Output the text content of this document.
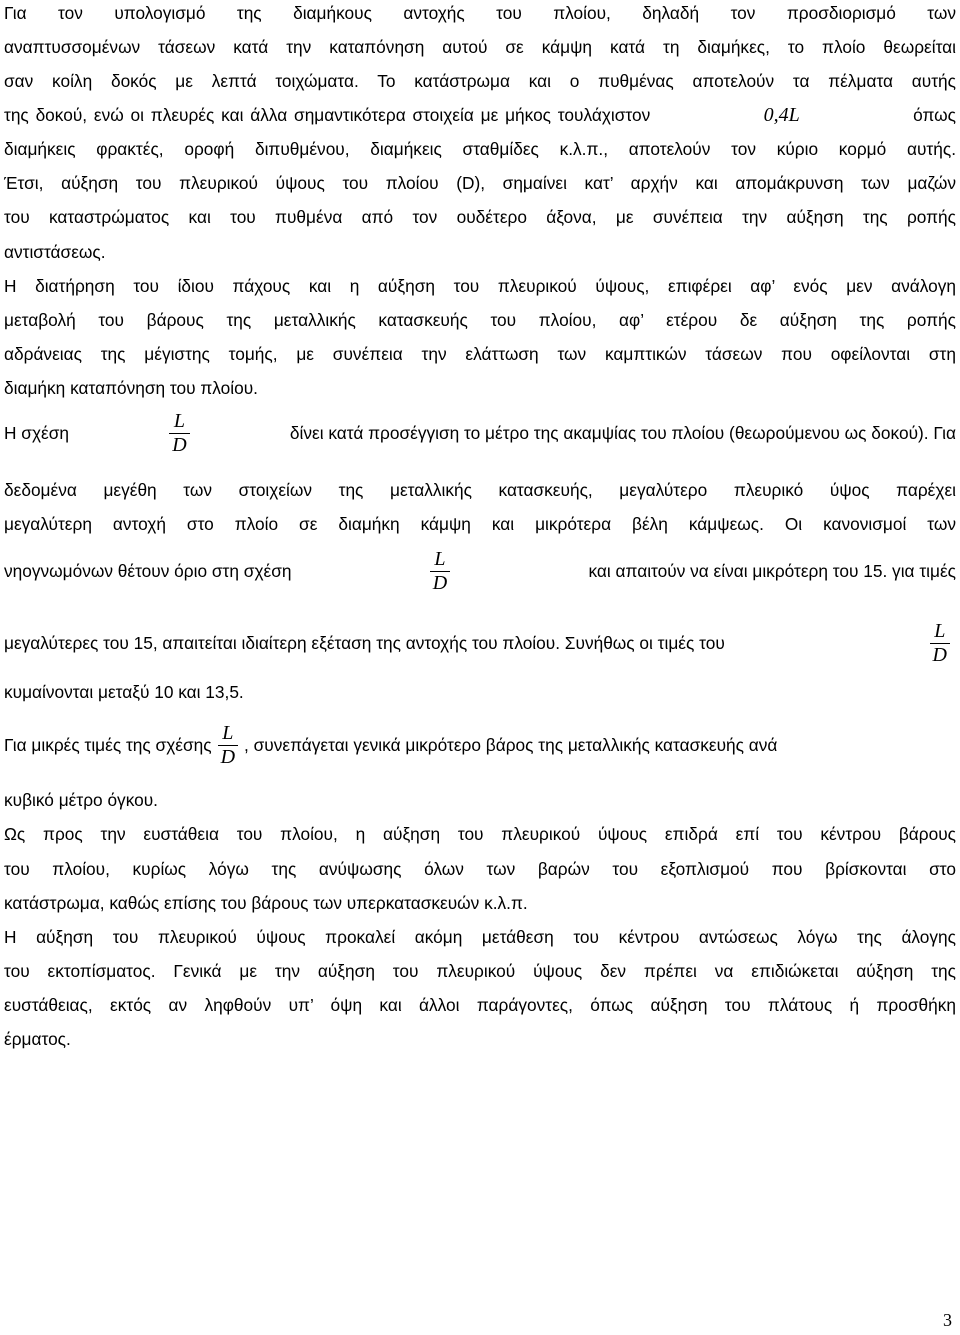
Για τον υπολογισμό της διαμήκους αντοχής του πλοίου, δηλαδή τον προσδιορισμό των
αναπτυσσομένων τάσεων κατά την καταπόνηση αυτού σε κάμψη κατά τη διαμήκες, το πλοίο θεωρείται
σαν κοίλη δοκός με λεπτά τοιχώματα. Το κατάστρωμα και ο πυθμένας αποτελούν τα πέλματα αυτής
της δοκού, ενώ οι πλευρές και άλλα σημαντικότερα στοιχεία με μήκος τουλάχιστον	0,4L	όπως
διαμήκεις φρακτές, οροφή διπυθμένου, διαμήκεις σταθμίδες κ.λ.π., αποτελούν τον κύριο κορμό αυτής.
Έτσι, αύξηση του πλευρικού ύψους του πλοίου (D), σημαίνει κατ’ αρχήν και απομάκρυνση των μαζών
του καταστρώματος και του πυθμένα από τον ουδέτερο άξονα, με συνέπεια την αύξηση της ροπής
αντιστάσεως.
Η διατήρηση του ίδιου πάχους και η αύξηση του πλευρικού ύψους, επιφέρει αφ’ ενός μεν ανάλογη
μεταβολή του βάρους της μεταλλικής κατασκευής του πλοίου, αφ’ ετέρου δε αύξηση της ροπής
αδράνειας της μέγιστης τομής, με συνέπεια την ελάττωση των καμπτικών τάσεων που οφείλονται στη
διαμήκη καταπόνηση του πλοίου.
Η σχέση	$\frac{L}{D}$	δίνει κατά προσέγγιση το μέτρο της ακαμψίας του πλοίου (θεωρούμενου ως δοκού). Για
δεδομένα μεγέθη των στοιχείων της μεταλλικής κατασκευής, μεγαλύτερο πλευρικό ύψος παρέχει
μεγαλύτερη αντοχή στο πλοίο σε διαμήκη κάμψη και μικρότερα βέλη κάμψεως. Οι κανονισμοί των
νηογνωμόνων θέτουν όριο στη σχέση	$\frac{L}{D}$	και απαιτούν να είναι μικρότερη του 15. για τιμές
μεγαλύτερες του 15, απαιτείται ιδιαίτερη εξέταση της αντοχής του πλοίου. Συνήθως οι τιμές του	$\frac{L}{D}$
κυμαίνονται μεταξύ 10 και 13,5.
Για μικρές τιμές της σχέσης $\frac{L}{D}$ , συνεπάγεται γενικά μικρότερο βάρος της μεταλλικής κατασκευής ανά
κυβικό μέτρο όγκου.
Ως προς την ευστάθεια του πλοίου, η αύξηση του πλευρικού ύψους επιδρά επί του κέντρου βάρους
του πλοίου, κυρίως λόγω της ανύψωσης όλων των βαρών του εξοπλισμού που βρίσκονται στο
κατάστρωμα, καθώς επίσης του βάρους των υπερκατασκευών κ.λ.π.
Η αύξηση του πλευρικού ύψους προκαλεί ακόμη μετάθεση του κέντρου αντώσεως λόγω της άλογης
του εκτοπίσματος. Γενικά με την αύξηση του πλευρικού ύψους δεν πρέπει να επιδιώκεται αύξηση της
ευστάθειας, εκτός αν ληφθούν υπ’ όψη και άλλοι παράγοντες, όπως αύξηση του πλάτους ή προσθήκη
έρματος.
3
